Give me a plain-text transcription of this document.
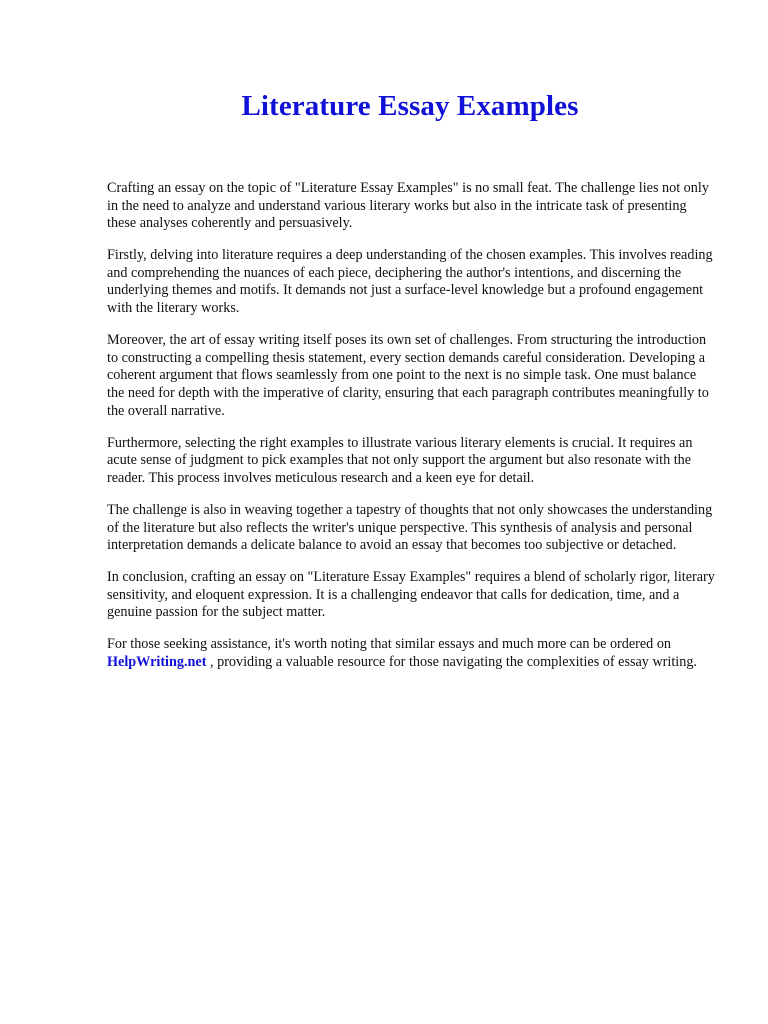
Literature Essay Examples

Crafting an essay on the topic of "Literature Essay Examples" is no small feat. The challenge lies not only in the need to analyze and understand various literary works but also in the intricate task of presenting these analyses coherently and persuasively.

Firstly, delving into literature requires a deep understanding of the chosen examples. This involves reading and comprehending the nuances of each piece, deciphering the author's intentions, and discerning the underlying themes and motifs. It demands not just a surface-level knowledge but a profound engagement with the literary works.

Moreover, the art of essay writing itself poses its own set of challenges. From structuring the introduction to constructing a compelling thesis statement, every section demands careful consideration. Developing a coherent argument that flows seamlessly from one point to the next is no simple task. One must balance the need for depth with the imperative of clarity, ensuring that each paragraph contributes meaningfully to the overall narrative.

Furthermore, selecting the right examples to illustrate various literary elements is crucial. It requires an acute sense of judgment to pick examples that not only support the argument but also resonate with the reader. This process involves meticulous research and a keen eye for detail.

The challenge is also in weaving together a tapestry of thoughts that not only showcases the understanding of the literature but also reflects the writer's unique perspective. This synthesis of analysis and personal interpretation demands a delicate balance to avoid an essay that becomes too subjective or detached.

In conclusion, crafting an essay on "Literature Essay Examples" requires a blend of scholarly rigor, literary sensitivity, and eloquent expression. It is a challenging endeavor that calls for dedication, time, and a genuine passion for the subject matter.

For those seeking assistance, it's worth noting that similar essays and much more can be ordered on HelpWriting.net , providing a valuable resource for those navigating the complexities of essay writing.
